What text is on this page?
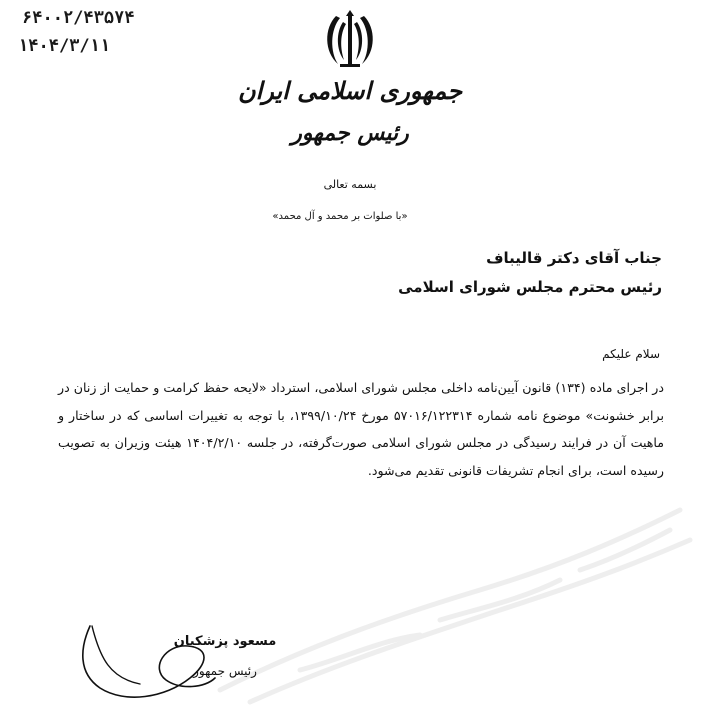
۶۴۰۰۲/۴۳۵۷۴
۱۴۰۴/۳/۱۱
جمهوری اسلامی ایران
رئیس جمهور
بسمه تعالی
«با صلوات بر محمد و آل محمد»
جناب آقای دکتر قالیباف
رئیس محترم مجلس شورای اسلامی
سلام علیکم
در اجرای ماده (۱۳۴) قانون آیین‌نامه داخلی مجلس شورای اسلامی، استرداد «لایحه حفظ کرامت و حمایت از زنان در برابر خشونت» موضوع نامه شماره ۵۷۰۱۶/۱۲۲۳۱۴ مورخ ۱۳۹۹/۱۰/۲۴، با توجه به تغییرات اساسی که در ساختار و ماهیت آن در فرایند رسیدگی در مجلس شورای اسلامی صورت‌گرفته، در جلسه ۱۴۰۴/۲/۱۰ هیئت وزیران به تصویب رسیده است، برای انجام تشریفات قانونی تقدیم می‌شود.
مسعود پزشکیان
رئیس جمهور
